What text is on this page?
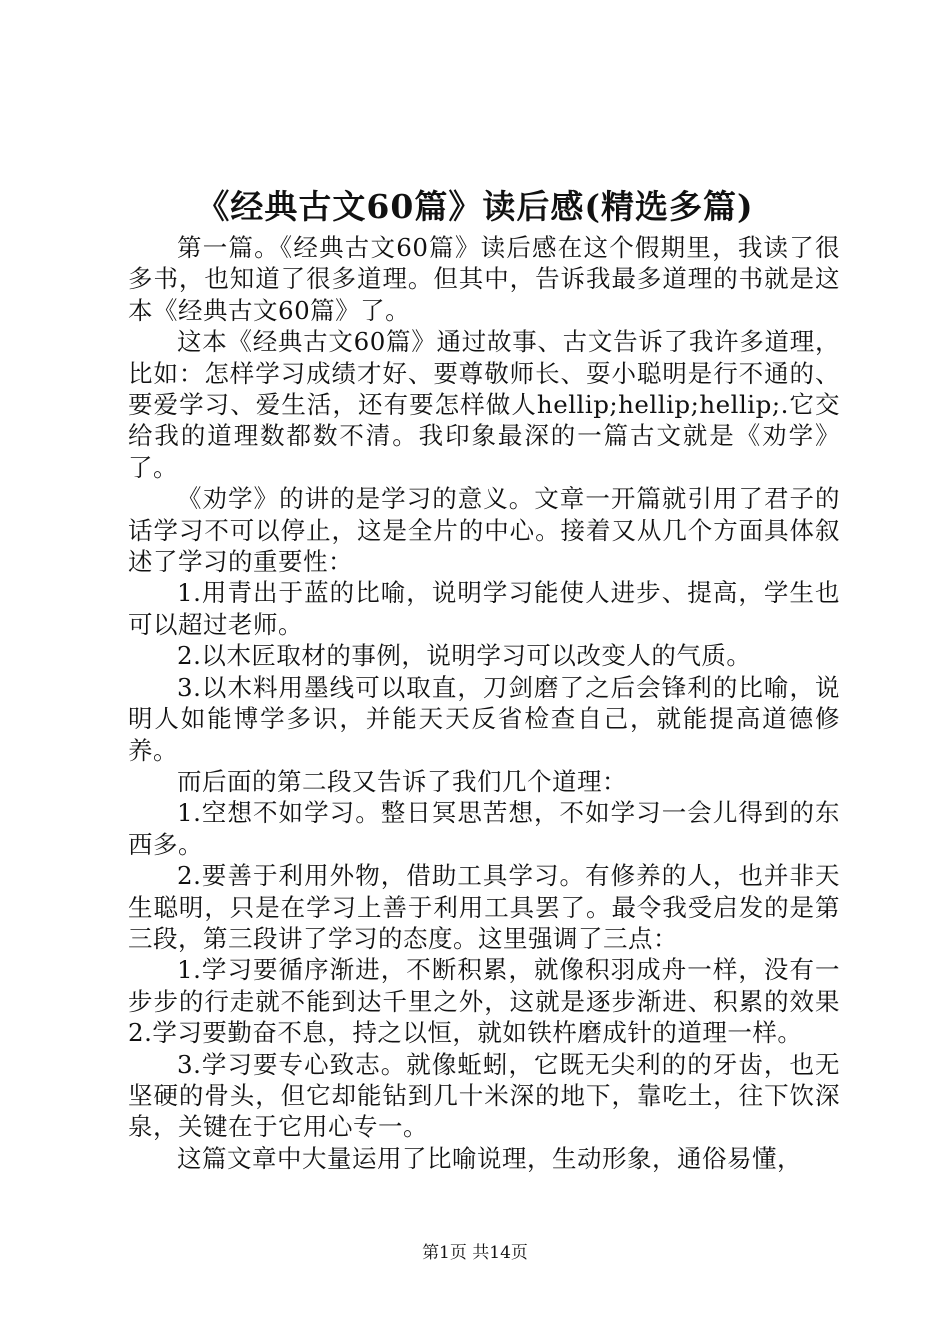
《经典古文60篇》读后感(精选多篇)

第一篇。《经典古文60篇》读后感在这个假期里，我读了很多书，也知道了很多道理。但其中，告诉我最多道理的书就是这本《经典古文60篇》了。

这本《经典古文60篇》通过故事、古文告诉了我许多道理，比如：怎样学习成绩才好、要尊敬师长、耍小聪明是行不通的、要爱学习、爱生活，还有要怎样做人hellip;hellip;hellip;.它交给我的道理数都数不清。我印象最深的一篇古文就是《劝学》了。

《劝学》的讲的是学习的意义。文章一开篇就引用了君子的话学习不可以停止，这是全片的中心。接着又从几个方面具体叙述了学习的重要性：

1.用青出于蓝的比喻，说明学习能使人进步、提高，学生也可以超过老师。

2.以木匠取材的事例，说明学习可以改变人的气质。

3.以木料用墨线可以取直，刀剑磨了之后会锋利的比喻，说明人如能博学多识，并能天天反省检查自己，就能提高道德修养。

而后面的第二段又告诉了我们几个道理：

1.空想不如学习。整日冥思苦想，不如学习一会儿得到的东西多。

2.要善于利用外物，借助工具学习。有修养的人，也并非天生聪明，只是在学习上善于利用工具罢了。最令我受启发的是第三段，第三段讲了学习的态度。这里强调了三点：

1.学习要循序渐进，不断积累，就像积羽成舟一样，没有一步步的行走就不能到达千里之外，这就是逐步渐进、积累的效果2.学习要勤奋不息，持之以恒，就如铁杵磨成针的道理一样。

3.学习要专心致志。就像蚯蚓，它既无尖利的的牙齿，也无坚硬的骨头，但它却能钻到几十米深的地下，靠吃土，往下饮深泉，关键在于它用心专一。

这篇文章中大量运用了比喻说理，生动形象，通俗易懂，

第1页 共14页
